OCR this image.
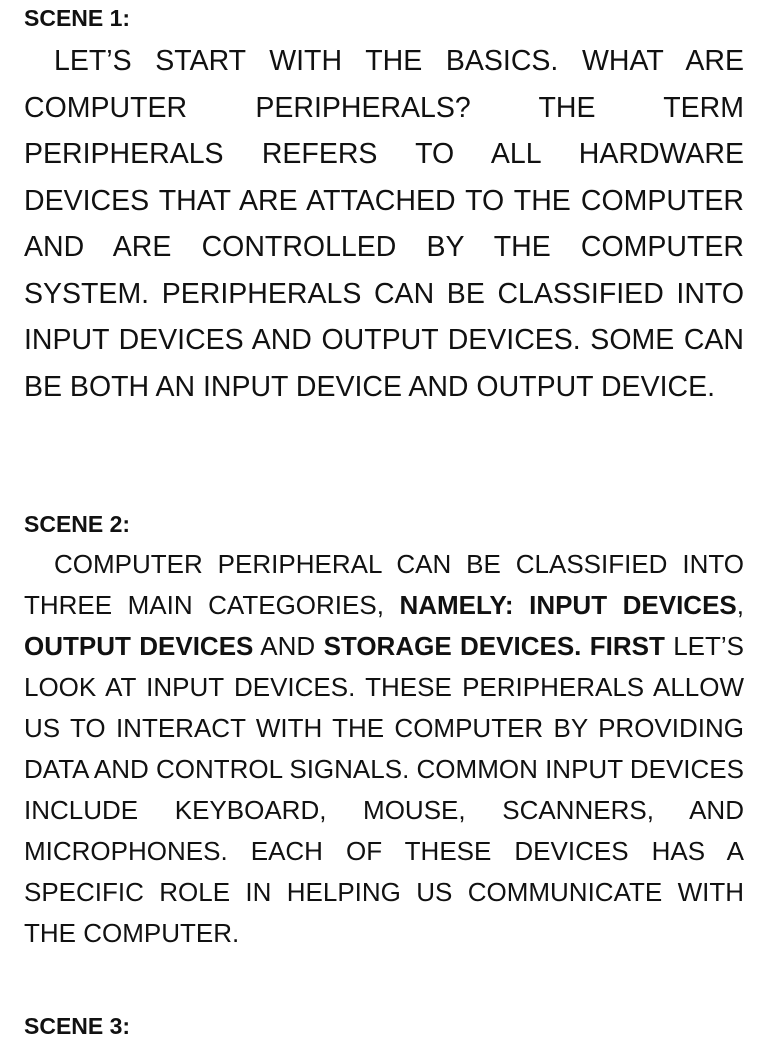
SCENE 1:

LET’S START WITH THE BASICS. WHAT ARE COMPUTER PERIPHERALS? THE TERM PERIPHERALS REFERS TO ALL HARDWARE DEVICES THAT ARE ATTACHED TO THE COMPUTER AND ARE CONTROLLED BY THE COMPUTER SYSTEM. PERIPHERALS CAN BE CLASSIFIED INTO INPUT DEVICES AND OUTPUT DEVICES. SOME CAN BE BOTH AN INPUT DEVICE AND OUTPUT DEVICE.

SCENE 2:

COMPUTER PERIPHERAL CAN BE CLASSIFIED INTO THREE MAIN CATEGORIES, NAMELY: INPUT DEVICES, OUTPUT DEVICES AND STORAGE DEVICES. FIRST LET’S LOOK AT INPUT DEVICES. THESE PERIPHERALS ALLOW US TO INTERACT WITH THE COMPUTER BY PROVIDING DATA AND CONTROL SIGNALS. COMMON INPUT DEVICES INCLUDE KEYBOARD, MOUSE, SCANNERS, AND MICROPHONES. EACH OF THESE DEVICES HAS A SPECIFIC ROLE IN HELPING US COMMUNICATE WITH THE COMPUTER.

SCENE 3:
